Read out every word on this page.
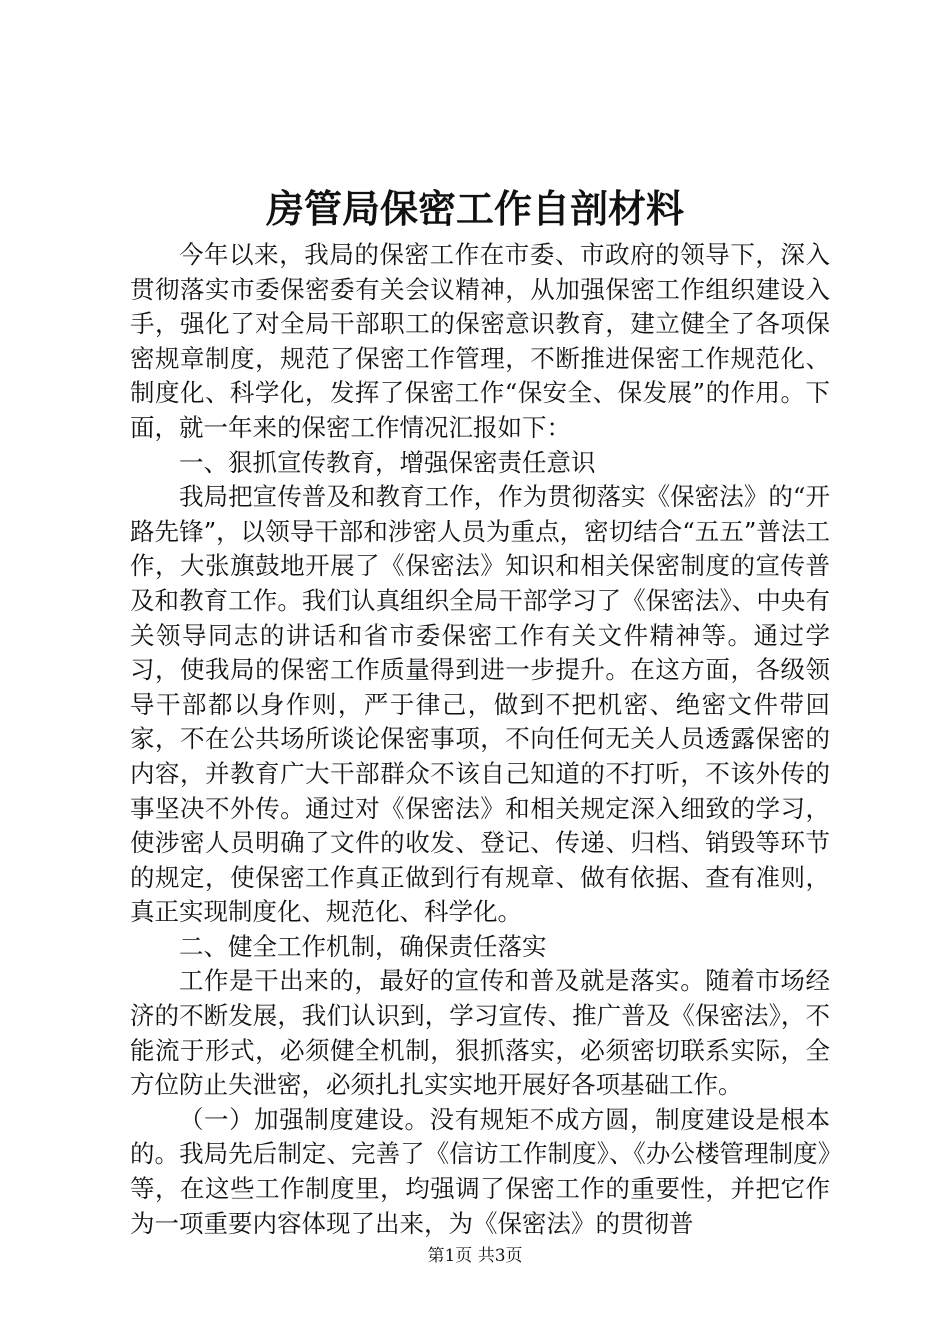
房管局保密工作自剖材料

今年以来，我局的保密工作在市委、市政府的领导下，深入贯彻落实市委保密委有关会议精神，从加强保密工作组织建设入手，强化了对全局干部职工的保密意识教育，建立健全了各项保密规章制度，规范了保密工作管理，不断推进保密工作规范化、制度化、科学化，发挥了保密工作“保安全、保发展”的作用。下面，就一年来的保密工作情况汇报如下：

一、狠抓宣传教育，增强保密责任意识

我局把宣传普及和教育工作，作为贯彻落实《保密法》的“开路先锋”，以领导干部和涉密人员为重点，密切结合“五五”普法工作，大张旗鼓地开展了《保密法》知识和相关保密制度的宣传普及和教育工作。我们认真组织全局干部学习了《保密法》、中央有关领导同志的讲话和省市委保密工作有关文件精神等。通过学习，使我局的保密工作质量得到进一步提升。在这方面，各级领导干部都以身作则，严于律己，做到不把机密、绝密文件带回家，不在公共场所谈论保密事项，不向任何无关人员透露保密的内容，并教育广大干部群众不该自己知道的不打听，不该外传的事坚决不外传。通过对《保密法》和相关规定深入细致的学习，使涉密人员明确了文件的收发、登记、传递、归档、销毁等环节的规定，使保密工作真正做到行有规章、做有依据、查有准则，真正实现制度化、规范化、科学化。

二、健全工作机制，确保责任落实

工作是干出来的，最好的宣传和普及就是落实。随着市场经济的不断发展，我们认识到，学习宣传、推广普及《保密法》，不能流于形式，必须健全机制，狠抓落实，必须密切联系实际，全方位防止失泄密，必须扎扎实实地开展好各项基础工作。

（一）加强制度建设。没有规矩不成方圆，制度建设是根本的。我局先后制定、完善了《信访工作制度》、《办公楼管理制度》等，在这些工作制度里，均强调了保密工作的重要性，并把它作为一项重要内容体现了出来，为《保密法》的贯彻普

第1页 共3页
